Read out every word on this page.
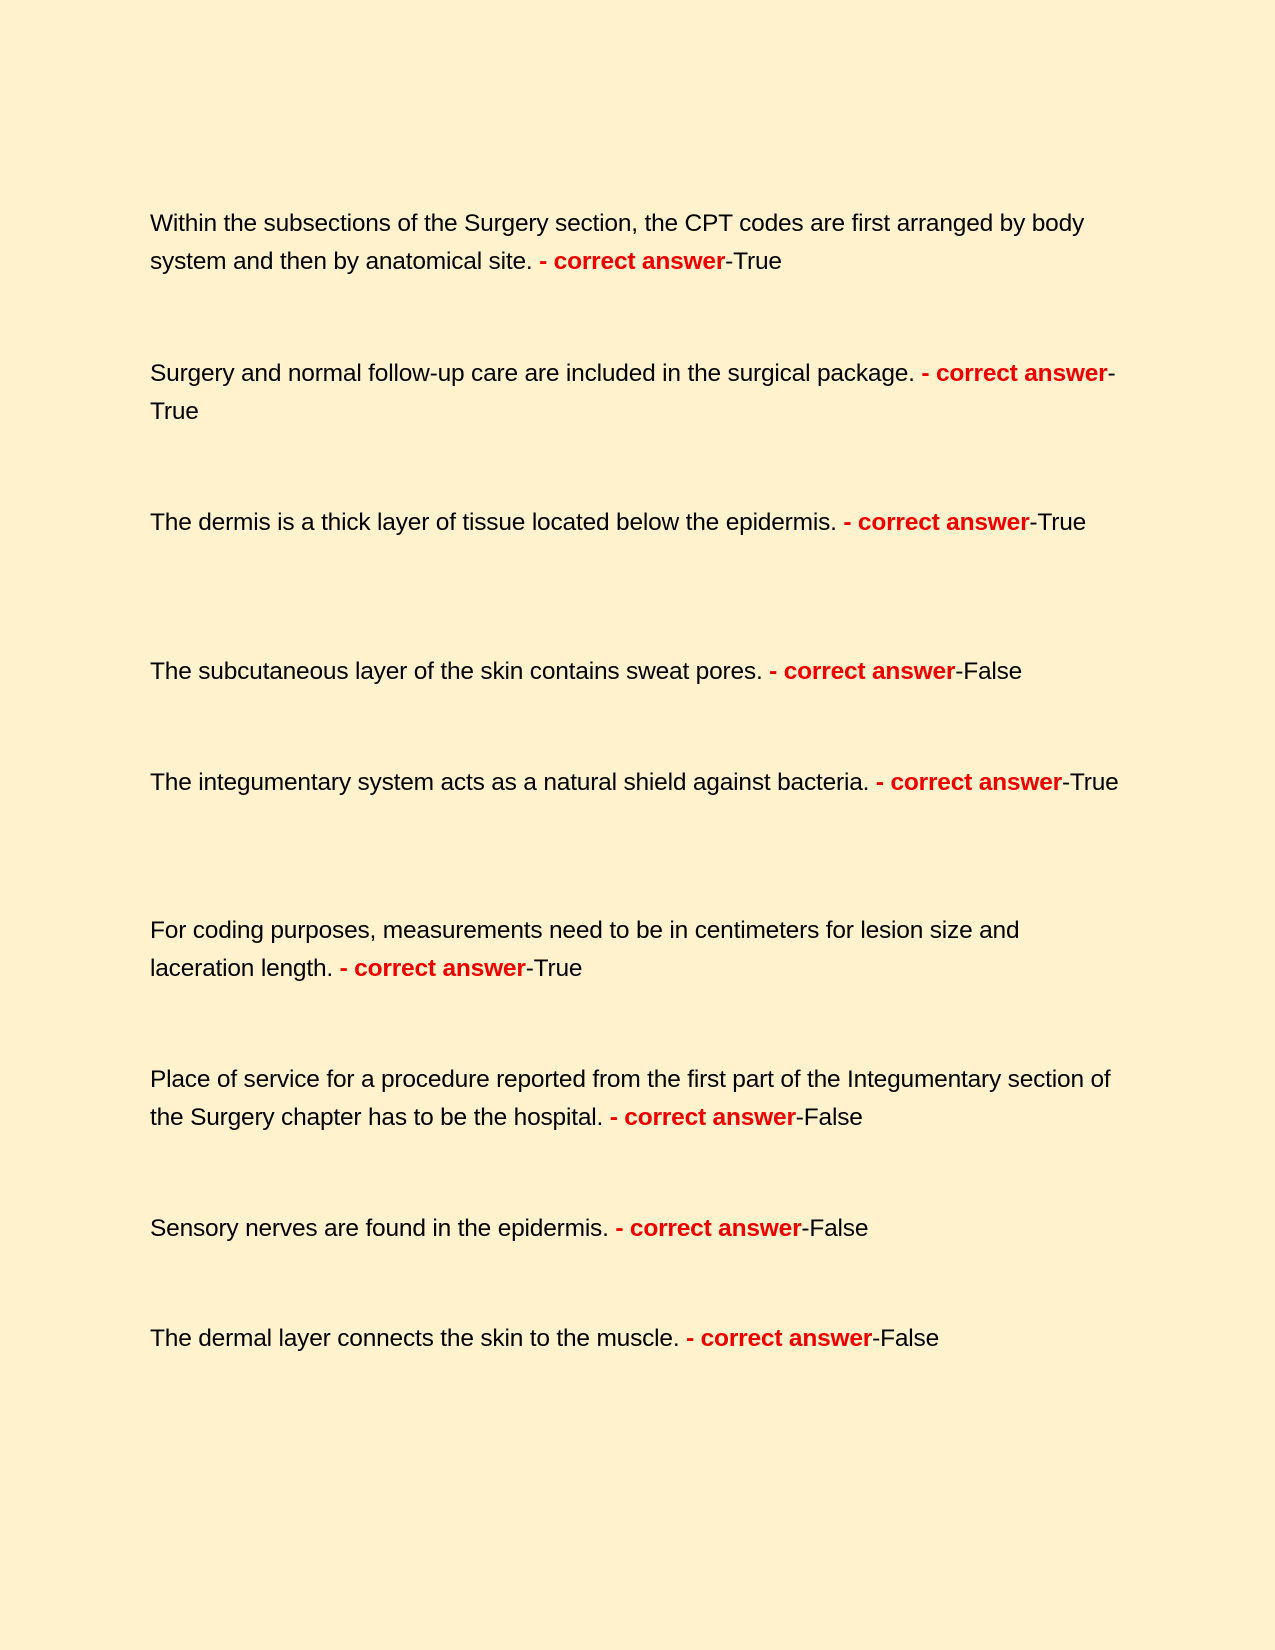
Within the subsections of the Surgery section, the CPT codes are first arranged by body system and then by anatomical site. - correct answer-True

Surgery and normal follow-up care are included in the surgical package. - correct answer-True

The dermis is a thick layer of tissue located below the epidermis. - correct answer-True

The subcutaneous layer of the skin contains sweat pores. - correct answer-False

The integumentary system acts as a natural shield against bacteria. - correct answer-True

For coding purposes, measurements need to be in centimeters for lesion size and laceration length. - correct answer-True

Place of service for a procedure reported from the first part of the Integumentary section of the Surgery chapter has to be the hospital. - correct answer-False

Sensory nerves are found in the epidermis. - correct answer-False

The dermal layer connects the skin to the muscle. - correct answer-False
